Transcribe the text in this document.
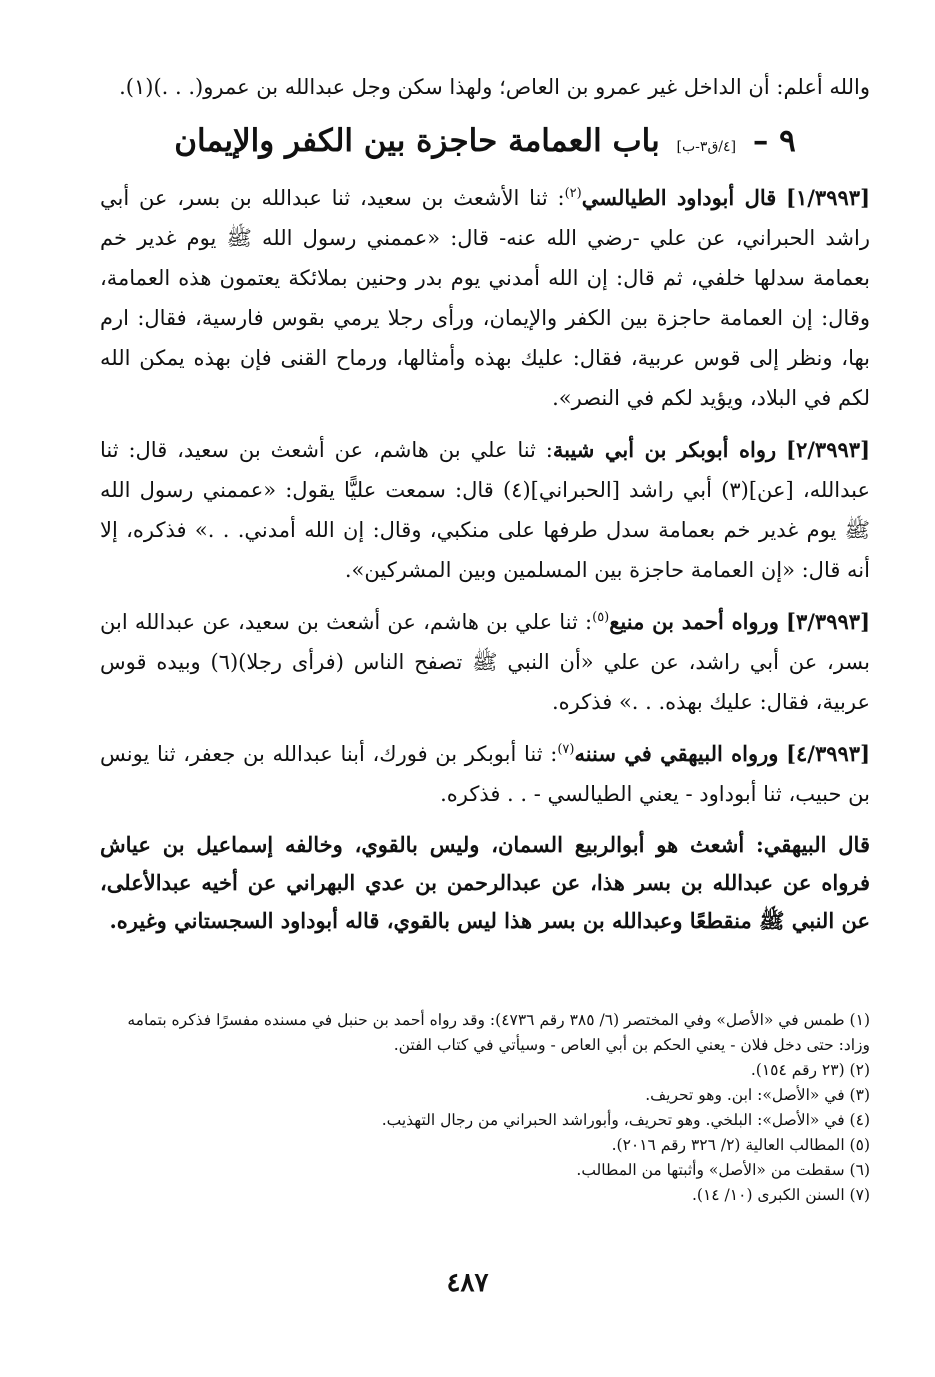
والله أعلم: أن الداخل غير عمرو بن العاص؛ ولهذا سكن وجل عبدالله بن عمرو(. . .)(١).

٩ – [٤/ق٣-ب] باب العمامة حاجزة بين الكفر والإيمان

[١/٣٩٩٣] قال أبوداود الطيالسي$^{(٢)}$: ثنا الأشعث بن سعيد، ثنا عبدالله بن بسر، عن أبي راشد الحبراني، عن علي -رضي الله عنه- قال: «عممني رسول الله ﷺ يوم غدير خم بعمامة سدلها خلفي، ثم قال: إن الله أمدني يوم بدر وحنين بملائكة يعتمون هذه العمامة، وقال: إن العمامة حاجزة بين الكفر والإيمان، ورأى رجلا يرمي بقوس فارسية، فقال: ارم بها، ونظر إلى قوس عربية، فقال: عليك بهذه وأمثالها، ورماح القنى فإن بهذه يمكن الله لكم في البلاد، ويؤيد لكم في النصر».

[٢/٣٩٩٣] رواه أبوبكر بن أبي شيبة: ثنا علي بن هاشم، عن أشعث بن سعيد، قال: ثنا عبدالله، [عن](٣) أبي راشد [الحبراني](٤) قال: سمعت عليًّا يقول: «عممني رسول الله ﷺ يوم غدير خم بعمامة سدل طرفها على منكبي، وقال: إن الله أمدني. . .» فذكره، إلا أنه قال: «إن العمامة حاجزة بين المسلمين وبين المشركين».

[٣/٣٩٩٣] ورواه أحمد بن منيع$^{(٥)}$: ثنا علي بن هاشم، عن أشعث بن سعيد، عن عبدالله ابن بسر، عن أبي راشد، عن علي «أن النبي ﷺ تصفح الناس (فرأى رجلا)(٦) وبيده قوس عربية، فقال: عليك بهذه. . .» فذكره.

[٤/٣٩٩٣] ورواه البيهقي في سننه$^{(٧)}$: ثنا أبوبكر بن فورك، أبنا عبدالله بن جعفر، ثنا يونس بن حبيب، ثنا أبوداود - يعني الطيالسي - . . فذكره.

قال البيهقي: أشعث هو أبوالربيع السمان، وليس بالقوي، وخالفه إسماعيل بن عياش فرواه عن عبدالله بن بسر هذا، عن عبدالرحمن بن عدي البهراني عن أخيه عبدالأعلى، عن النبي ﷺ منقطعًا وعبدالله بن بسر هذا ليس بالقوي، قاله أبوداود السجستاني وغيره.

(١) طمس في «الأصل» وفي المختصر (٦/ ٣٨٥ رقم ٤٧٣٦): وقد رواه أحمد بن حنبل في مسنده مفسرًا فذكره بتمامه وزاد: حتى دخل فلان - يعني الحكم بن أبي العاص - وسيأتي في كتاب الفتن.

(٢) (٢٣ رقم ١٥٤).

(٣) في «الأصل»: ابن. وهو تحريف.

(٤) في «الأصل»: البلخي. وهو تحريف، وأبوراشد الحبراني من رجال التهذيب.

(٥) المطالب العالية (٢/ ٣٢٦ رقم ٢٠١٦).

(٦) سقطت من «الأصل» وأثبتها من المطالب.

(٧) السنن الكبرى (١٠/ ١٤).

٤٨٧
